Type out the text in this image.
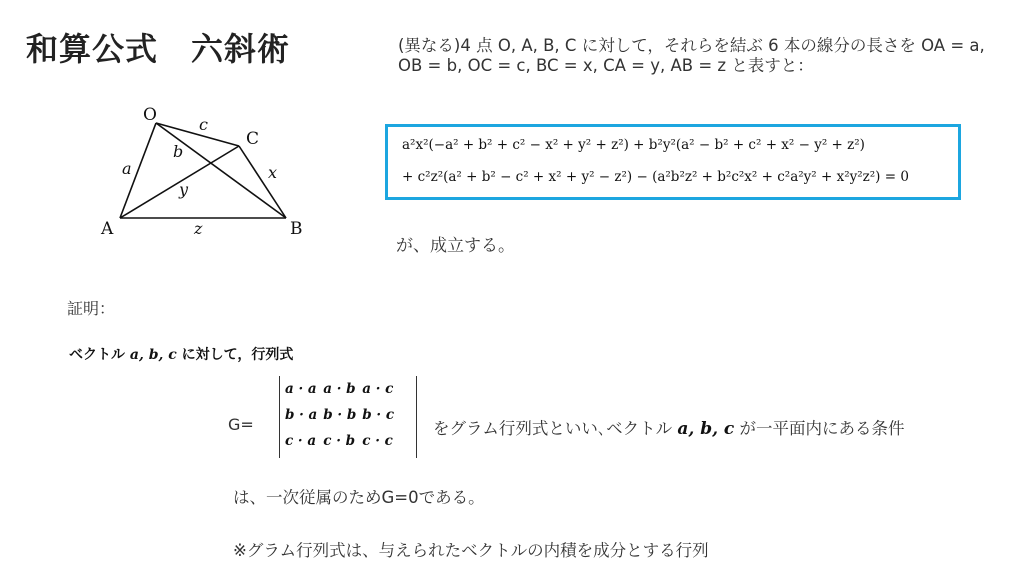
和算公式　六斜術
O
C
A	B
c
b
a	x
y
z
(異なる)4 点 O, A, B, C に対して，それらを結ぶ 6 本の線分の長さを OA = a, OB = b, OC = c, BC = x, CA = y, AB = z と表すと：
a²x²(−a² + b² + c² − x² + y² + z²) + b²y²(a² − b² + c² + x² − y² + z²)
+ c²z²(a² + b² − c² + x² + y² − z²) − (a²b²z² + b²c²x² + c²a²y² + x²y²z²) = 0
が、成立する。
証明：
ベクトル a, b, c に対して，行列式
G=
a · a	a · b	a · c
b · a	b · b	b · c
c · a	c · b	c · c
をグラム行列式といい､ベクトル a, b, c が一平面内にある条件
は、一次従属のためG=0である。
※グラム行列式は、与えられたベクトルの内積を成分とする行列
